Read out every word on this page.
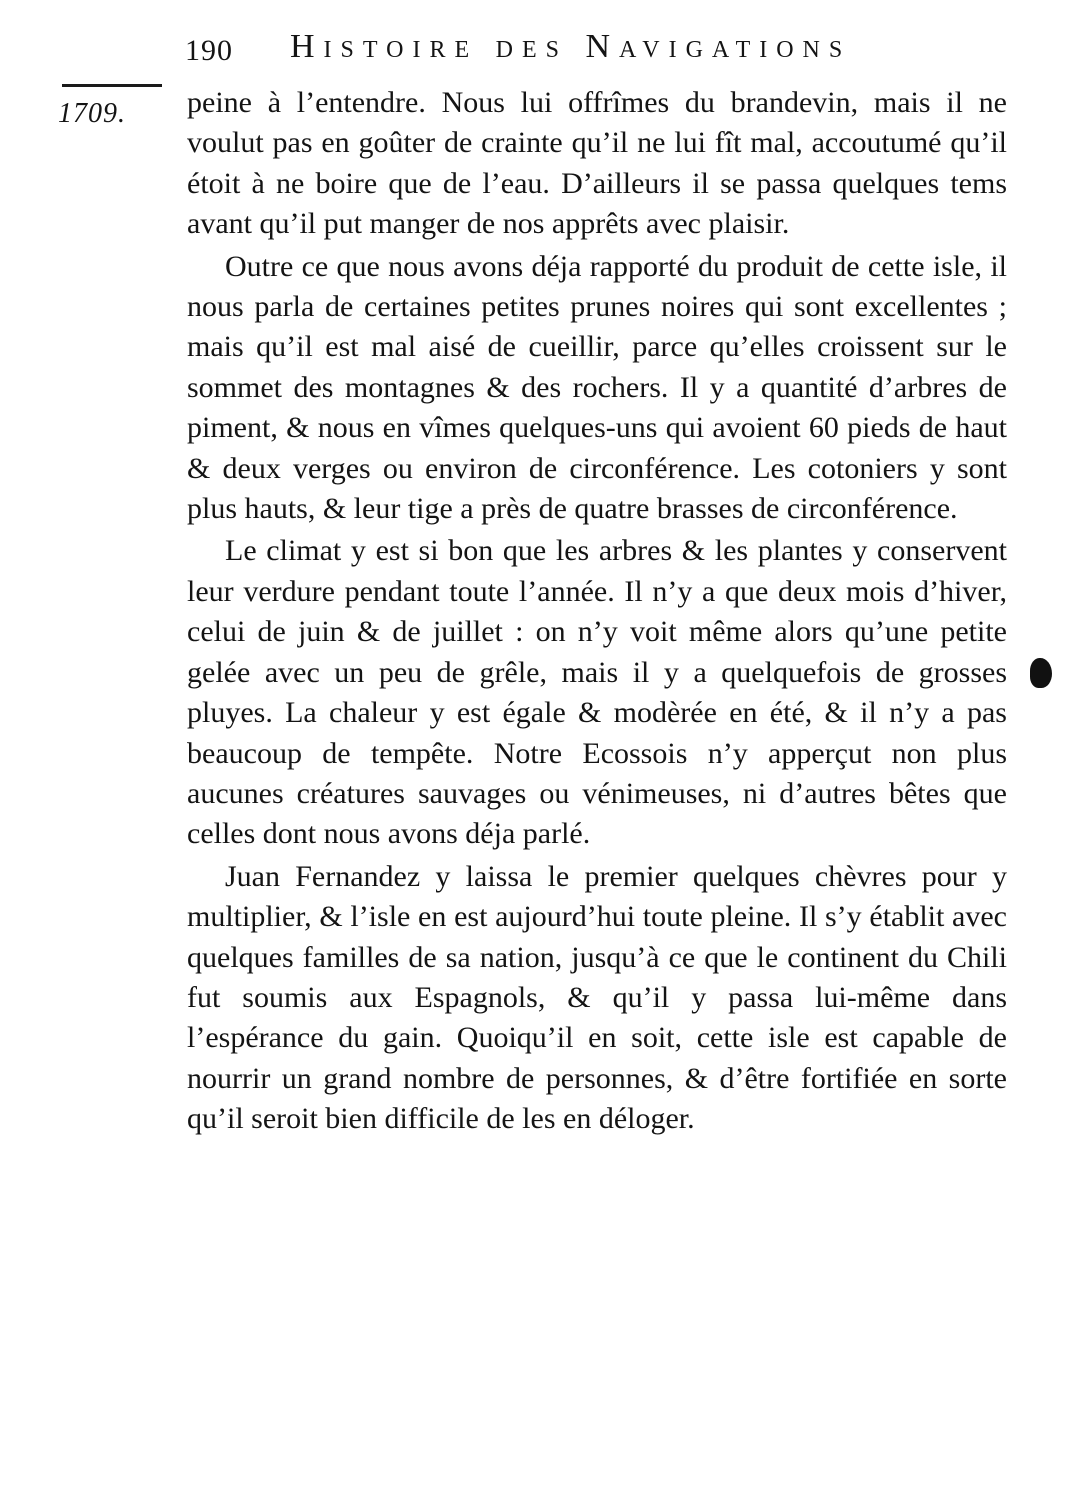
190 Histoire des Navigations
1709. peine à l’entendre. Nous lui offrîmes du brandevin, mais il ne voulut pas en goûter de crainte qu’il ne lui fît mal, accoutumé qu’il étoit à ne boire que de l’eau. D’ailleurs il se passa quelques tems avant qu’il put manger de nos apprêts avec plaisir.

Outre ce que nous avons déja rapporté du produit de cette isle, il nous parla de certaines petites prunes noires qui sont excellentes ; mais qu’il est mal aisé de cueillir, parce qu’elles croissent sur le sommet des montagnes & des rochers. Il y a quantité d’arbres de piment, & nous en vîmes quelques-uns qui avoient 60 pieds de haut & deux verges ou environ de circonférence. Les cotoniers y sont plus hauts, & leur tige a près de quatre brasses de circonférence.

Le climat y est si bon que les arbres & les plantes y conservent leur verdure pendant toute l’année. Il n’y a que deux mois d’hiver, celui de juin & de juillet : on n’y voit même alors qu’une petite gelée avec un peu de grêle, mais il y a quelquefois de grosses pluyes. La chaleur y est égale & modèrée en été, & il n’y a pas beaucoup de tempête. Notre Ecossois n’y apperçut non plus aucunes créatures sauvages ou vénimeuses, ni d’autres bêtes que celles dont nous avons déja parlé.

Juan Fernandez y laissa le premier quelques chèvres pour y multiplier, & l’isle en est aujourd’hui toute pleine. Il s’y établit avec quelques familles de sa nation, jusqu’à ce que le continent du Chili fut soumis aux Espagnols, & qu’il y passa lui-même dans l’espérance du gain. Quoiqu’il en soit, cette isle est capable de nourrir un grand nombre de personnes, & d’être fortifiée en sorte qu’il seroit bien difficile de les en déloger.
